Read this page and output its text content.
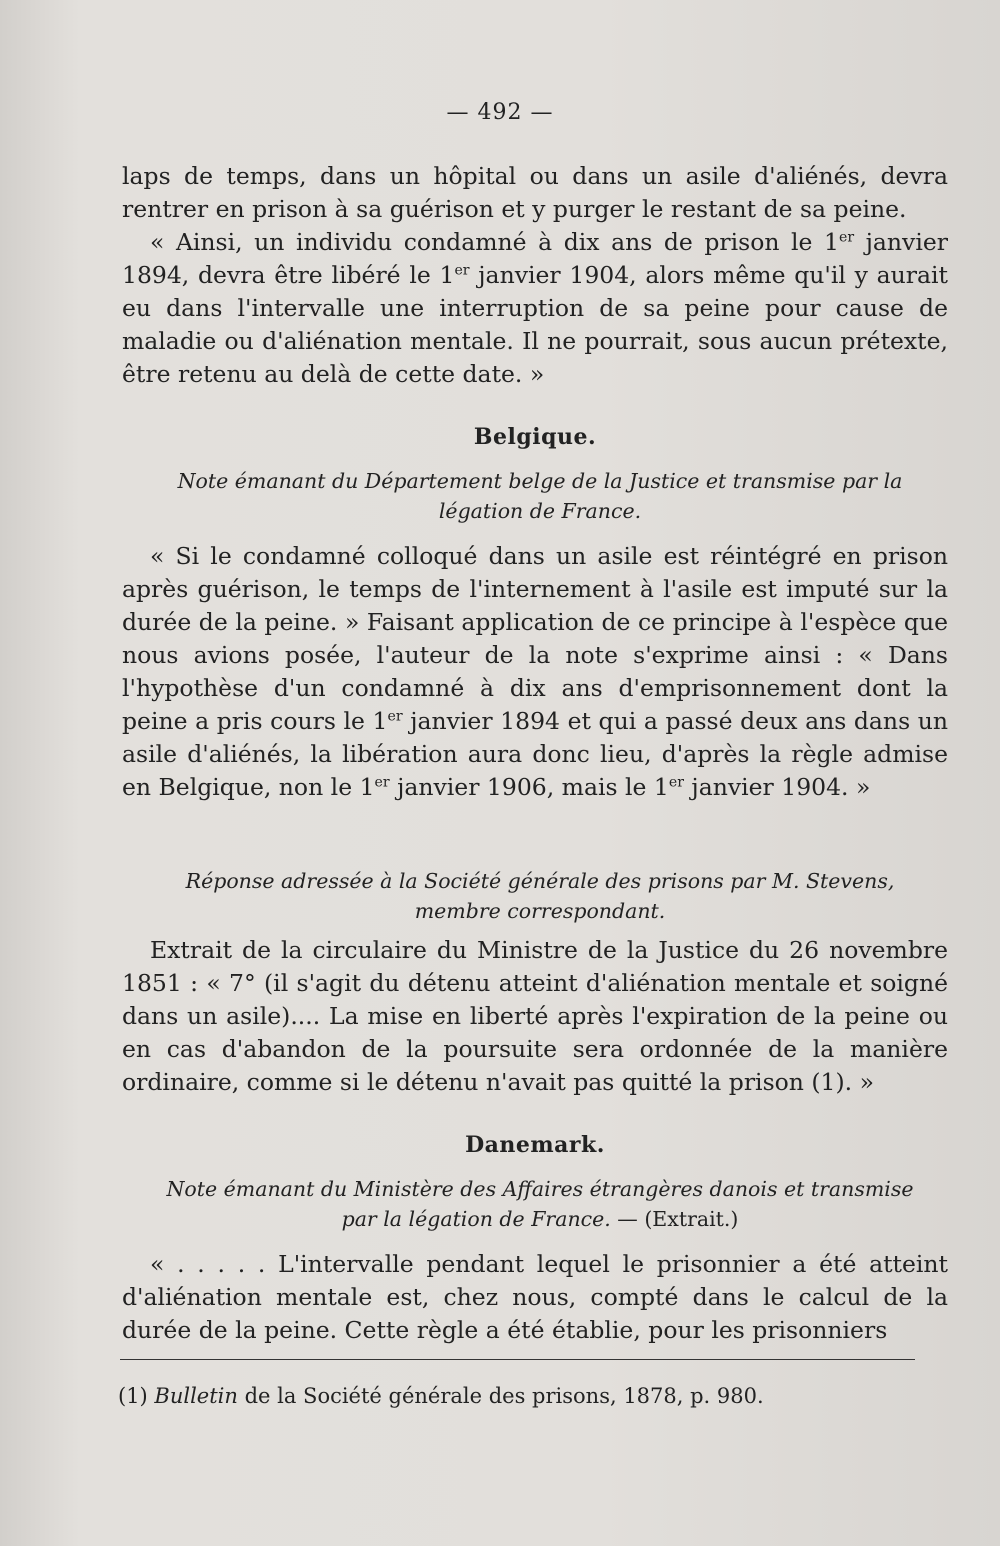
— 492 —
laps de temps, dans un hôpital ou dans un asile d'aliénés, devra rentrer en prison à sa guérison et y purger le restant de sa peine.
« Ainsi, un individu condamné à dix ans de prison le 1er janvier 1894, devra être libéré le 1er janvier 1904, alors même qu'il y aurait eu dans l'intervalle une interruption de sa peine pour cause de maladie ou d'aliénation mentale. Il ne pourrait, sous aucun prétexte, être retenu au delà de cette date. »
Belgique.
Note émanant du Département belge de la Justice et transmise par la légation de France.
« Si le condamné colloqué dans un asile est réintégré en prison après guérison, le temps de l'internement à l'asile est imputé sur la durée de la peine. » Faisant application de ce principe à l'espèce que nous avions posée, l'auteur de la note s'exprime ainsi : « Dans l'hypothèse d'un condamné à dix ans d'emprisonnement dont la peine a pris cours le 1er janvier 1894 et qui a passé deux ans dans un asile d'aliénés, la libération aura donc lieu, d'après la règle admise en Belgique, non le 1er janvier 1906, mais le 1er janvier 1904. »
Réponse adressée à la Société générale des prisons par M. Stevens, membre correspondant.
Extrait de la circulaire du Ministre de la Justice du 26 novembre 1851 : « 7° (il s'agit du détenu atteint d'aliénation mentale et soigné dans un asile).... La mise en liberté après l'expiration de la peine ou en cas d'abandon de la poursuite sera ordonnée de la manière ordinaire, comme si le détenu n'avait pas quitté la prison (1). »
Danemark.
Note émanant du Ministère des Affaires étrangères danois et transmise par la légation de France. — (Extrait.)
« . . . . . L'intervalle pendant lequel le prisonnier a été atteint d'aliénation mentale est, chez nous, compté dans le calcul de la durée de la peine. Cette règle a été établie, pour les prisonniers
(1) Bulletin de la Société générale des prisons, 1878, p. 980.
